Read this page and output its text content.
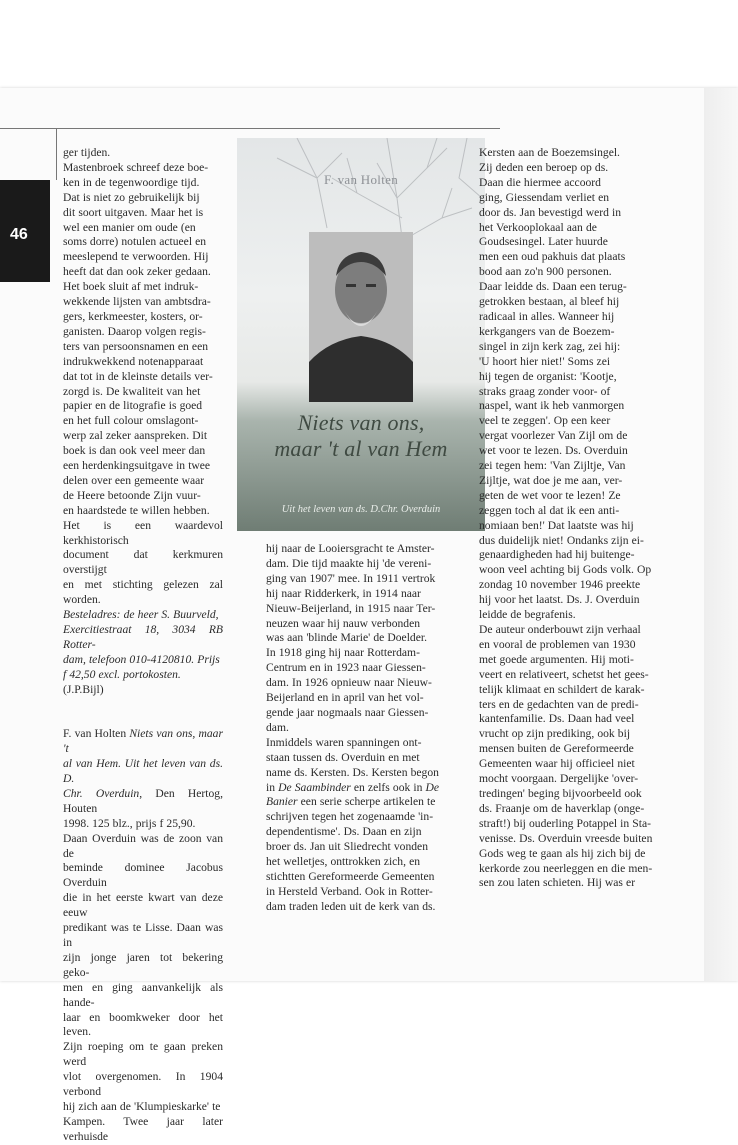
46

ger tijden.

Mastenbroek schreef deze boe-

ken in de tegenwoordige tijd.

Dat is niet zo gebruikelijk bij

dit soort uitgaven. Maar het is

wel een manier om oude (en

soms dorre) notulen actueel en

meeslepend te verwoorden. Hij

heeft dat dan ook zeker gedaan.

Het boek sluit af met indruk-

wekkende lijsten van ambtsdra-

gers, kerkmeester, kosters, or-

ganisten. Daarop volgen regis-

ters van persoonsnamen en een

indrukwekkend notenapparaat

dat tot in de kleinste details ver-

zorgd is. De kwaliteit van het

papier en de litografie is goed

en het full colour omslagont-

werp zal zeker aanspreken. Dit

boek is dan ook veel meer dan

een herdenkingsuitgave in twee

delen over een gemeente waar

de Heere betoonde Zijn vuur-

en haardstede te willen hebben.

Het is een waardevol kerkhistorisch

document dat kerkmuren overstijgt

en met stichting gelezen zal worden.

Besteladres: de heer S. Buurveld,

Exercitiestraat 18, 3034 RB Rotter-

dam, telefoon 010-4120810. Prijs

f 42,50 excl. portokosten.

(J.P.Bijl)

F. van Holten Niets van ons, maar 't

al van Hem. Uit het leven van ds. D.

Chr. Overduin, Den Hertog, Houten

1998. 125 blz., prijs f 25,90.

Daan Overduin was de zoon van de

beminde dominee Jacobus Overduin

die in het eerste kwart van deze eeuw

predikant was te Lisse. Daan was in

zijn jonge jaren tot bekering geko-

men en ging aanvankelijk als hande-

laar en boomkweker door het leven.

Zijn roeping om te gaan preken werd

vlot overgenomen. In 1904 verbond

hij zich aan de 'Klumpieskarke' te

Kampen. Twee jaar later verhuisde

F. van Holten
Niets van ons,
maar 't al van Hem
Uit het leven van ds. D.Chr. Overduin

hij naar de Looiersgracht te Amster-

dam. Die tijd maakte hij 'de vereni-

ging van 1907' mee. In 1911 vertrok

hij naar Ridderkerk, in 1914 naar

Nieuw-Beijerland, in 1915 naar Ter-

neuzen waar hij nauw verbonden

was aan 'blinde Marie' de Doelder.

In 1918 ging hij naar Rotterdam-

Centrum en in 1923 naar Giessen-

dam. In 1926 opnieuw naar Nieuw-

Beijerland en in april van het vol-

gende jaar nogmaals naar Giessen-

dam.

Inmiddels waren spanningen ont-

staan tussen ds. Overduin en met

name ds. Kersten. Ds. Kersten begon

in De Saambinder en zelfs ook in De

Banier een serie scherpe artikelen te

schrijven tegen het zogenaamde 'in-

dependentisme'. Ds. Daan en zijn

broer ds. Jan uit Sliedrecht vonden

het welletjes, onttrokken zich, en

stichtten Gereformeerde Gemeenten

in Hersteld Verband. Ook in Rotter-

dam traden leden uit de kerk van ds.

Kersten aan de Boezemsingel.

Zij deden een beroep op ds.

Daan die hiermee accoord

ging, Giessendam verliet en

door ds. Jan bevestigd werd in

het Verkooplokaal aan de

Goudsesingel. Later huurde

men een oud pakhuis dat plaats

bood aan zo'n 900 personen.

Daar leidde ds. Daan een terug-

getrokken bestaan, al bleef hij

radicaal in alles. Wanneer hij

kerkgangers van de Boezem-

singel in zijn kerk zag, zei hij:

'U hoort hier niet!' Soms zei

hij tegen de organist: 'Kootje,

straks graag zonder voor- of

naspel, want ik heb vanmorgen

veel te zeggen'. Op een keer

vergat voorlezer Van Zijl om de

wet voor te lezen. Ds. Overduin

zei tegen hem: 'Van Zijltje, Van

Zijltje, wat doe je me aan, ver-

geten de wet voor te lezen! Ze

zeggen toch al dat ik een anti-

nomiaan ben!' Dat laatste was hij

dus duidelijk niet! Ondanks zijn ei-

genaardigheden had hij buitenge-

woon veel achting bij Gods volk. Op

zondag 10 november 1946 preekte

hij voor het laatst. Ds. J. Overduin

leidde de begrafenis.

De auteur onderbouwt zijn verhaal

en vooral de problemen van 1930

met goede argumenten. Hij moti-

veert en relativeert, schetst het gees-

telijk klimaat en schildert de karak-

ters en de gedachten van de predi-

kantenfamilie. Ds. Daan had veel

vrucht op zijn prediking, ook bij

mensen buiten de Gereformeerde

Gemeenten waar hij officieel niet

mocht voorgaan. Dergelijke 'over-

tredingen' beging bijvoorbeeld ook

ds. Fraanje om de haverklap (onge-

straft!) bij ouderling Potappel in Sta-

venisse. Ds. Overduin vreesde buiten

Gods weg te gaan als hij zich bij de

kerkorde zou neerleggen en die men-

sen zou laten schieten. Hij was er
